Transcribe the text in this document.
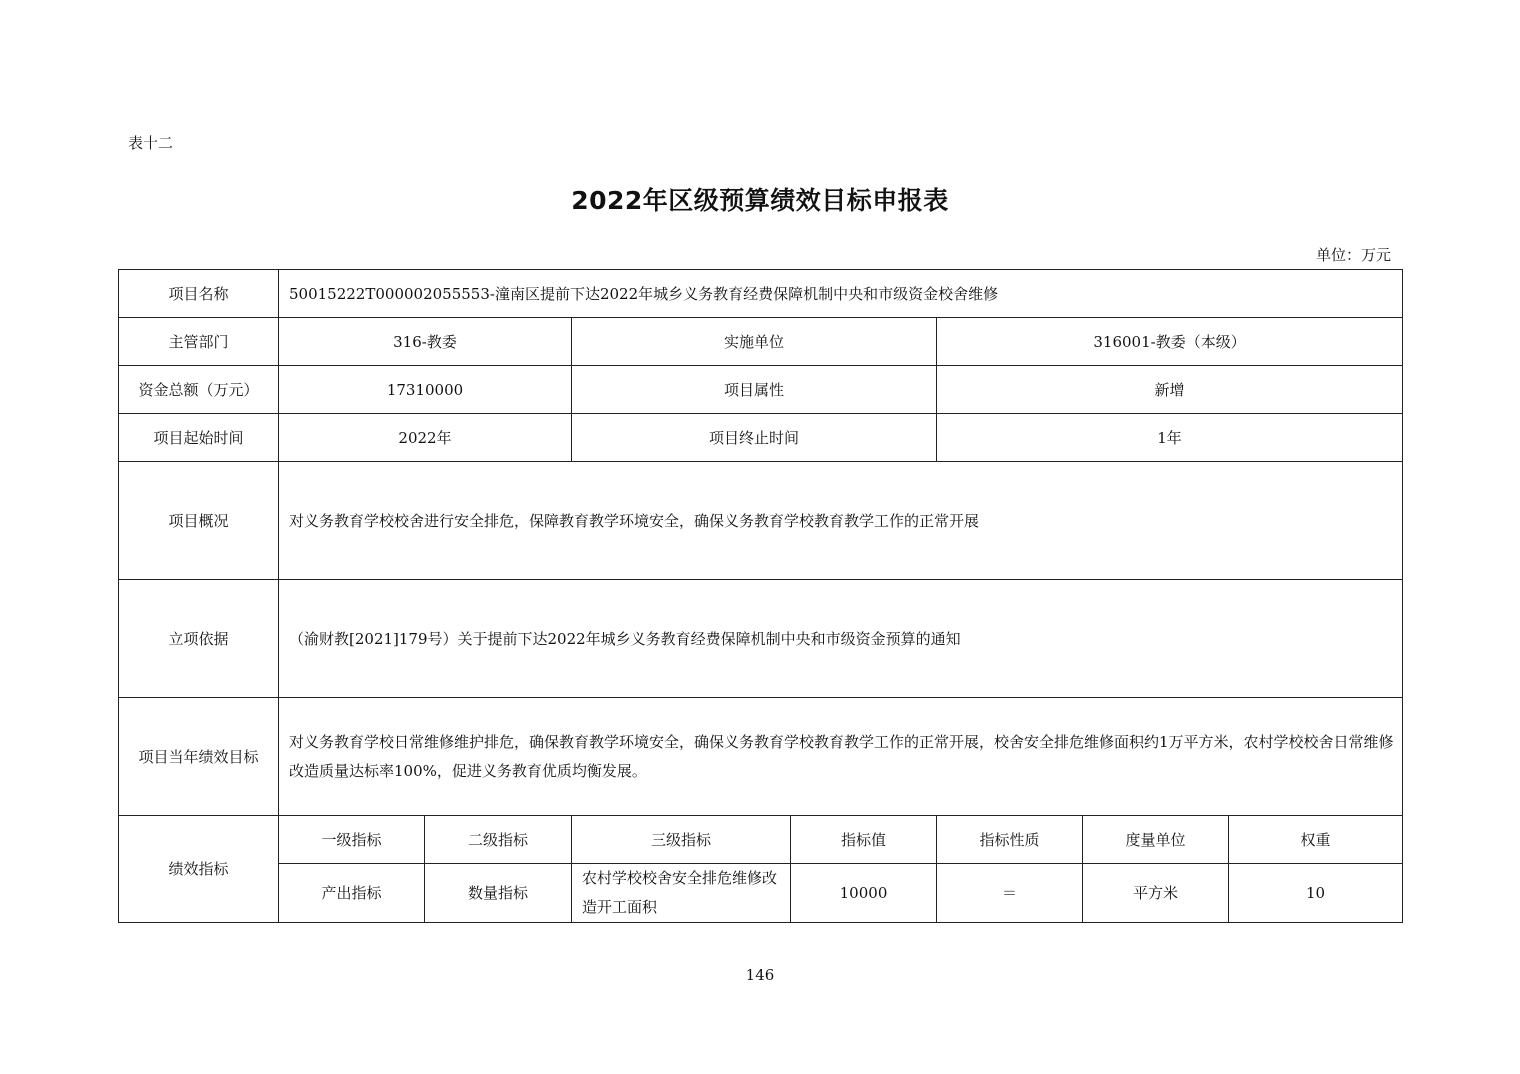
表十二
2022年区级预算绩效目标申报表
单位：万元
项目名称	50015222T000002055553-潼南区提前下达2022年城乡义务教育经费保障机制中央和市级资金校舍维修						
主管部门	316-教委		实施单位		316001-教委（本级）		
资金总额（万元）	17310000		项目属性		新增		
项目起始时间	2022年		项目终止时间		1年		
项目概况	对义务教育学校校舍进行安全排危，保障教育教学环境安全，确保义务教育学校教育教学工作的正常开展						
立项依据	（渝财教[2021]179号）关于提前下达2022年城乡义务教育经费保障机制中央和市级资金预算的通知						
项目当年绩效目标	对义务教育学校日常维修维护排危，确保教育教学环境安全，确保义务教育学校教育教学工作的正常开展，校舍安全排危维修面积约1万平方米，农村学校校舍日常维修改造质量达标率100%，促进义务教育优质均衡发展。						
绩效指标	一级指标	二级指标	三级指标	指标值	指标性质	度量单位	权重
	产出指标	数量指标	农村学校校舍安全排危维修改造开工面积	10000	＝	平方米	10
146
